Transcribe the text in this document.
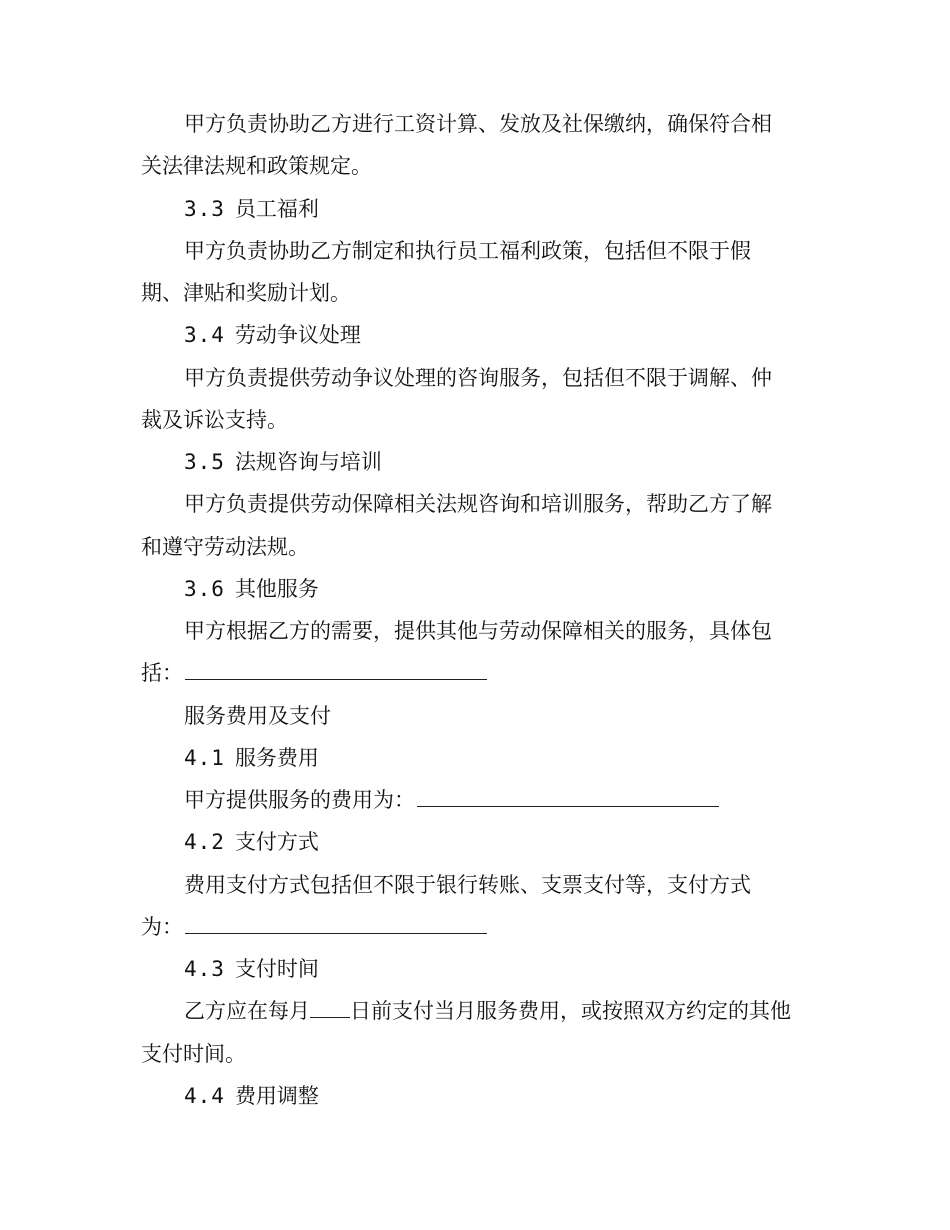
甲方负责协助乙方进行工资计算、发放及社保缴纳，确保符合相
关法律法规和政策规定。
3.3 员工福利
甲方负责协助乙方制定和执行员工福利政策，包括但不限于假
期、津贴和奖励计划。
3.4 劳动争议处理
甲方负责提供劳动争议处理的咨询服务，包括但不限于调解、仲
裁及诉讼支持。
3.5 法规咨询与培训
甲方负责提供劳动保障相关法规咨询和培训服务，帮助乙方了解
和遵守劳动法规。
3.6 其他服务
甲方根据乙方的需要，提供其他与劳动保障相关的服务，具体包
括：
服务费用及支付
4.1 服务费用
甲方提供服务的费用为：
4.2 支付方式
费用支付方式包括但不限于银行转账、支票支付等，支付方式
为：
4.3 支付时间
乙方应在每月 日前支付当月服务费用，或按照双方约定的其他
支付时间。
4.4 费用调整
